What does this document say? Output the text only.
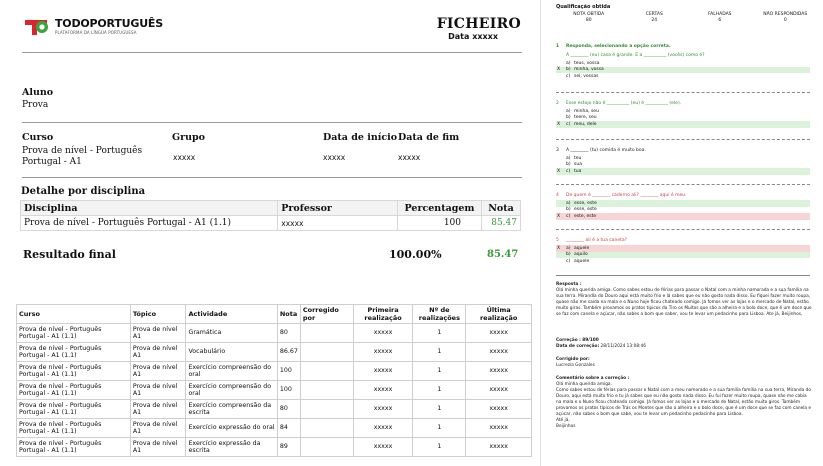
TODOPORTUGUÊS
PLATAFORMA DA LÍNGUA PORTUGUESA
FICHEIRO
Data xxxxx
Aluno
Prova
Curso	Grupo	Data de início Data de fim
Prova de nível - Português Portugal - A1	xxxxx	xxxxx	xxxxx
Detalhe por disciplina
Disciplina	Professor	Percentagem	Nota
Prova de nível - Português Portugal - A1 (1.1)	xxxxx	100	85.47
Resultado final	100.00%	85.47
Curso	Tópico	Actividade	Nota	Corregido por	Primeira realização	Nº de realizações	Última realização
Prova de nível - Português Portugal - A1 (1.1)	Prova de nível A1	Gramática	80		xxxxx	1	xxxxx
Prova de nível - Português Portugal - A1 (1.1)	Prova de nível A1	Vocabulário	86.67		xxxxx	1	xxxxx
Prova de nível - Português Portugal - A1 (1.1)	Prova de nível A1	Exercício compreensão do oral	100		xxxxx	1	xxxxx
Prova de nível - Português Portugal - A1 (1.1)	Prova de nível A1	Exercício compreensão do oral	100		xxxxx	1	xxxxx
Prova de nível - Português Portugal - A1 (1.1)	Prova de nível A1	Exercício compreensão da escrita	80		xxxxx	1	xxxxx
Prova de nível - Português Portugal - A1 (1.1)	Prova de nível A1	Exercício expressão do oral	84		xxxxx	1	xxxxx
Prova de nível - Português Portugal - A1 (1.1)	Prova de nível A1	Exercício expressão da escrita	89		xxxxx	1	xxxxx
Qualificação obtida
NOTA OBTIDA
80
CERTAS
24
FALHADAS
6
NÃO RESPONDIDAS
0
1	Responda, selecionando a opção correta.
A ________ (eu) casa é grande. E a __________ (vocês) como é?
a) teus, vossa
X	b) minha, vossa
c) sei, vossas
2	Esse estojo não é __________ (eu) é __________ (ele).
a) minha, seu
b) teere, seu
X	c) meu, dele
3	A ________ (tu) comida é muito boa.
a) teu
b) sua
X	c) tua
4	De quem é ________ caderno ali? ________ aqui é meu.
a) esse, este
b) esse, este
X	c) este, este
5	________ ali é a tua caneta?
X	a) aquele
b) aquilo
c) aquele
Resposta :
Olá minha querida amiga. Como sabes estou de férias para passar o Natal com a minha namorada e a sua família na sua terra. Mirandla do Douro aqui está muito frio e lá sabes que eu não gosto nada disso. Eu fiquei fazer muito roupa, quase não me saída na mala e o Nuno hoje ficou chateado comigo. Já fomos ver as lojas e o mercado de Natal, estão muito giras. Também provamos os pratos típicos da Tiro os Muitos que são a alheira e a bolo doce, que é um doce que se faz com canela e açúcar, não sabes a bom que saber, vou te levar um pedacinho para Lisboa. Ate já, Beijinhos,
Correção : 89/100
Data de correção: 28/11/2024 13:08:46
Corrigido por:
Lucrezia Gonzales
Comentário sobre a correção :
Olá minha querida amiga.
Como sabes estou de férias para passar o Natal com a meu namorado e a sua família família na sua terra, Miranda do Douro, aqui está muito frio e tu já sabes que eu não gosto nada disso. Eu fui fazer muito roupa, quase não me cabia na mala e o Nuno ficou chateado comigo. Já fomos ver as lojas e o mercado de Natal, estão muito giros. Também provamos os pratos típicos de Trás os Montes que são a alheira e o bolo doce, que é um doce que se faz com canela e açúcar, não sabes o bom que sabe, vou te levar um pedacinho pedacinho para Lisboa.
Até já,
Beijinhos
